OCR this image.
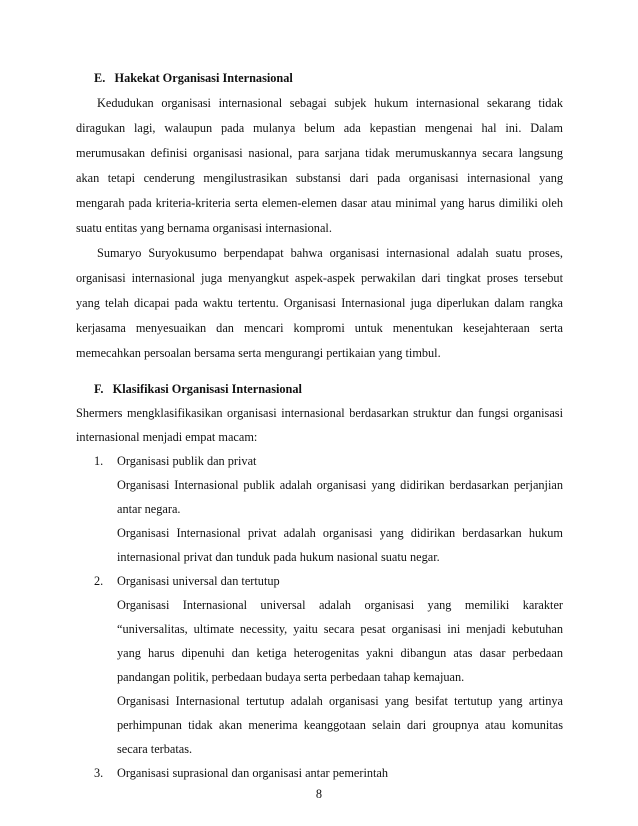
E.   Hakekat Organisasi Internasional
Kedudukan organisasi internasional sebagai subjek hukum internasional sekarang tidak
diragukan lagi, walaupun pada mulanya belum ada kepastian mengenai hal ini. Dalam
merumusakan definisi organisasi nasional, para sarjana tidak merumuskannya secara langsung
akan tetapi cenderung mengilustrasikan substansi dari pada organisasi internasional yang
mengarah pada kriteria-kriteria serta elemen-elemen dasar atau minimal yang harus dimiliki oleh
suatu entitas yang bernama organisasi internasional.
Sumaryo Suryokusumo berpendapat bahwa organisasi internasional adalah suatu proses,
organisasi internasional juga menyangkut aspek-aspek perwakilan dari tingkat proses tersebut
yang telah dicapai pada waktu tertentu. Organisasi Internasional juga diperlukan dalam rangka
kerjasama menyesuaikan dan mencari kompromi untuk menentukan kesejahteraan serta
memecahkan persoalan bersama serta mengurangi pertikaian yang timbul.
F.   Klasifikasi Organisasi Internasional
Shermers mengklasifikasikan organisasi internasional berdasarkan struktur dan fungsi organisasi
internasional menjadi empat macam:
1.	Organisasi publik dan privat
Organisasi Internasional publik adalah organisasi yang didirikan berdasarkan perjanjian
antar negara.
Organisasi Internasional privat adalah organisasi yang didirikan berdasarkan hukum
internasional privat dan tunduk pada hukum nasional suatu negar.
2.	Organisasi universal dan tertutup
Organisasi Internasional universal adalah organisasi yang memiliki karakter
“universalitas, ultimate necessity, yaitu secara pesat organisasi ini menjadi kebutuhan
yang harus dipenuhi dan ketiga heterogenitas yakni dibangun atas dasar perbedaan
pandangan politik, perbedaan budaya serta perbedaan tahap kemajuan.
Organisasi Internasional tertutup adalah organisasi yang besifat tertutup yang artinya
perhimpunan tidak akan menerima keanggotaan selain dari groupnya atau komunitas
secara terbatas.
3.	Organisasi suprasional dan organisasi antar pemerintah
8
